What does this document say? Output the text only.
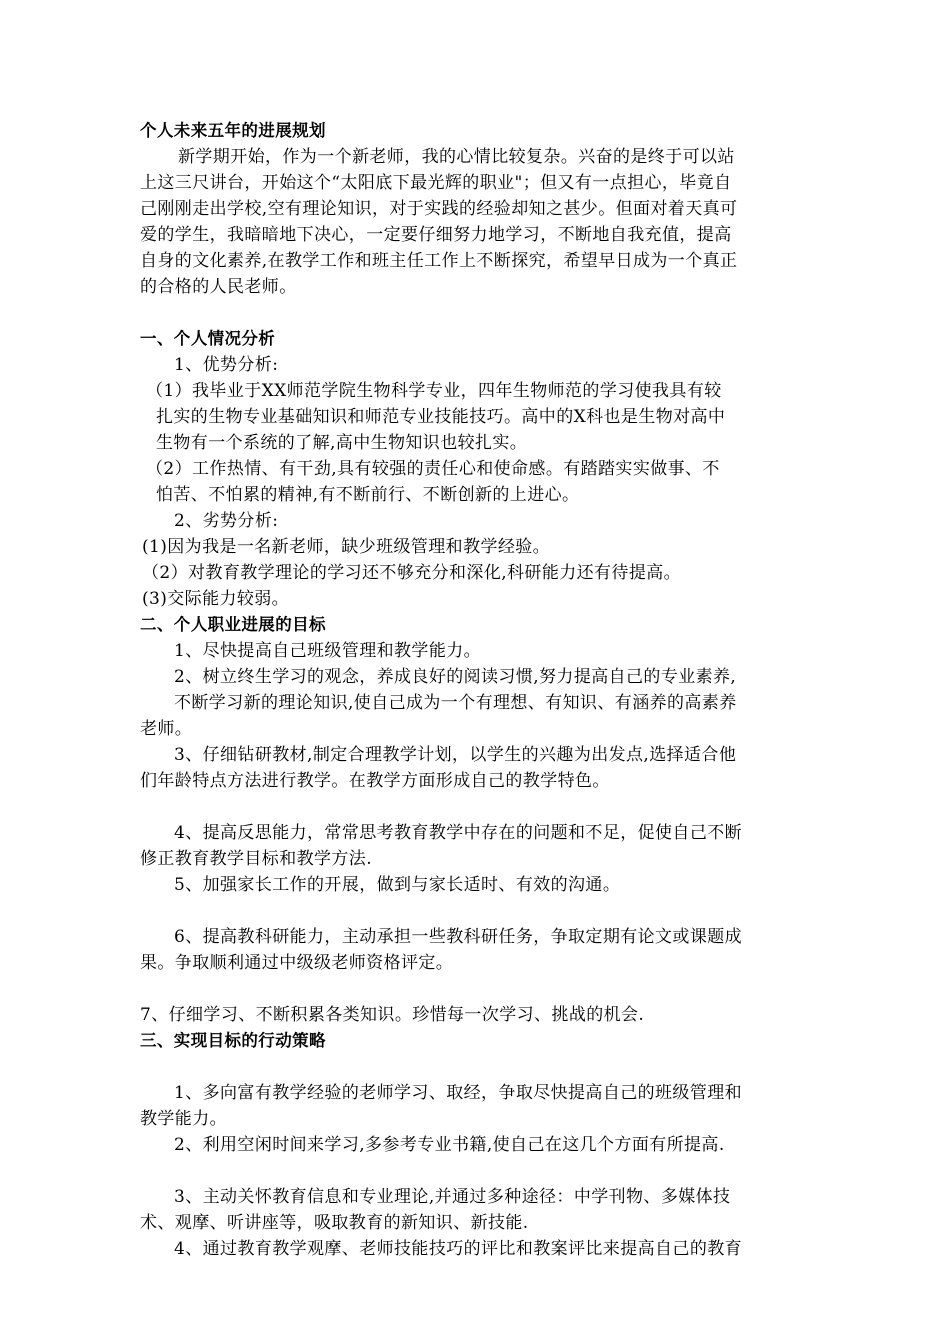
个人未来五年的进展规划
新学期开始，作为一个新老师，我的心情比较复杂。兴奋的是终于可以站
上这三尺讲台，开始这个“太阳底下最光辉的职业"；但又有一点担心，毕竟自
己刚刚走出学校,空有理论知识，对于实践的经验却知之甚少。但面对着天真可
爱的学生，我暗暗地下决心，一定要仔细努力地学习，不断地自我充值，提高
自身的文化素养,在教学工作和班主任工作上不断探究，希望早日成为一个真正
的合格的人民老师。
一、个人情况分析
1、优势分析:
（1）我毕业于XX师范学院生物科学专业，四年生物师范的学习使我具有较
扎实的生物专业基础知识和师范专业技能技巧。高中的X科也是生物对高中
生物有一个系统的了解,高中生物知识也较扎实。
（2）工作热情、有干劲,具有较强的责任心和使命感。有踏踏实实做事、不
怕苦、不怕累的精神,有不断前行、不断创新的上进心。
2、劣势分析:
(1)因为我是一名新老师，缺少班级管理和教学经验。
（2）对教育教学理论的学习还不够充分和深化,科研能力还有待提高。
(3)交际能力较弱。
二、个人职业进展的目标
1、尽快提高自己班级管理和教学能力。
2、树立终生学习的观念，养成良好的阅读习惯,努力提高自己的专业素养,
不断学习新的理论知识,使自己成为一个有理想、有知识、有涵养的高素养
老师。
3、仔细钻研教材,制定合理教学计划，以学生的兴趣为出发点,选择适合他
们年龄特点方法进行教学。在教学方面形成自己的教学特色。
4、提高反思能力，常常思考教育教学中存在的问题和不足，促使自己不断
修正教育教学目标和教学方法.
5、加强家长工作的开展，做到与家长适时、有效的沟通。
6、提高教科研能力，主动承担一些教科研任务，争取定期有论文或课题成
果。争取顺利通过中级级老师资格评定。
7、仔细学习、不断积累各类知识。珍惜每一次学习、挑战的机会.
三、实现目标的行动策略
1、多向富有教学经验的老师学习、取经，争取尽快提高自己的班级管理和
教学能力。
2、利用空闲时间来学习,多参考专业书籍,使自己在这几个方面有所提高.
3、主动关怀教育信息和专业理论,并通过多种途径：中学刊物、多媒体技
术、观摩、听讲座等，吸取教育的新知识、新技能.
4、通过教育教学观摩、老师技能技巧的评比和教案评比来提高自己的教育
